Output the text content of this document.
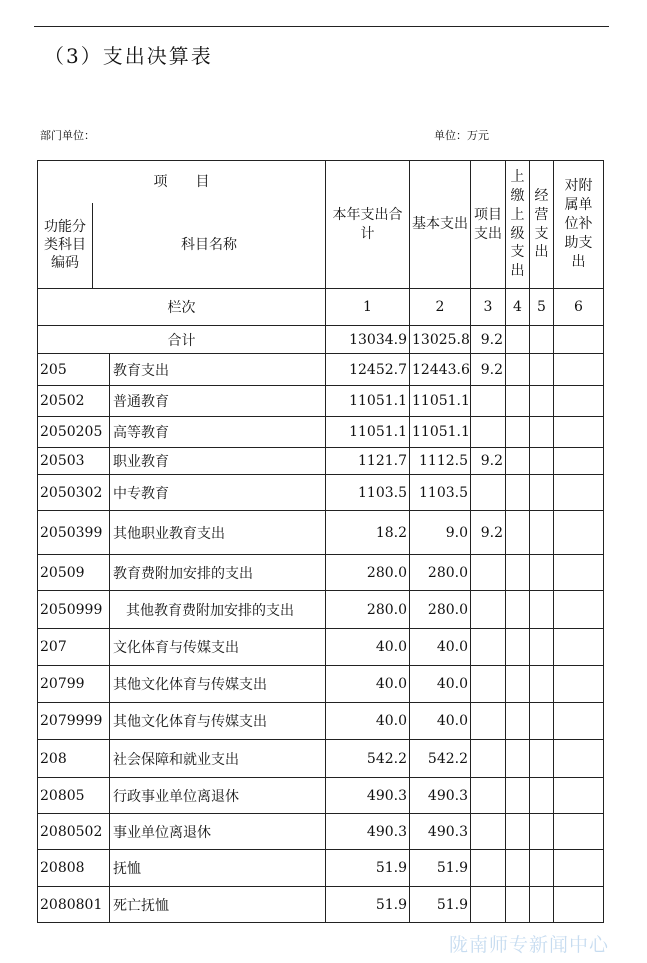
（3）支出决算表
部门单位：	单位：万元
项　　目			本年支出合计	基本支出	项目支出	上缴上级支出	经营支出	对附属单位补助支出
功能分类科目编码	科目名称							
栏次			1	2	3	4	5	6
合计			13034.9	13025.8	9.2			
205		教育支出	12452.7	12443.6	9.2			
20502		普通教育	11051.1	11051.1				
2050205		高等教育	11051.1	11051.1				
20503		职业教育	1121.7	1112.5	9.2			
2050302		中专教育	1103.5	1103.5				
2050399		其他职业教育支出	18.2	9.0	9.2			
20509		教育费附加安排的支出	280.0	280.0				
2050999		其他教育费附加安排的支出	280.0	280.0				
207		文化体育与传媒支出	40.0	40.0				
20799		其他文化体育与传媒支出	40.0	40.0				
2079999		其他文化体育与传媒支出	40.0	40.0				
208		社会保障和就业支出	542.2	542.2				
20805		行政事业单位离退休	490.3	490.3				
2080502		事业单位离退休	490.3	490.3				
20808		抚恤	51.9	51.9				
2080801		死亡抚恤	51.9	51.9				
陇南师专新闻中心
